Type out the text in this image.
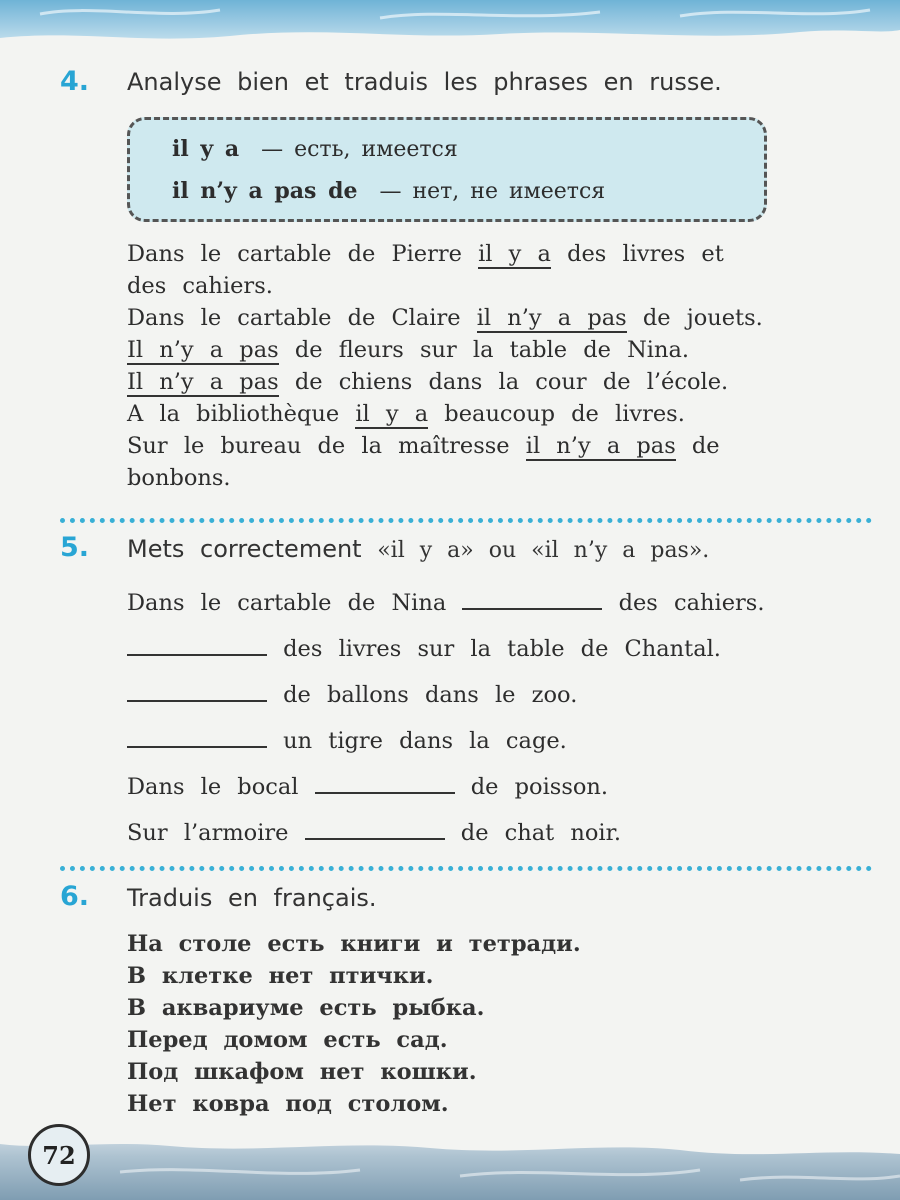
4. Analyse bien et traduis les phrases en russe.
il y a — есть, имеется
il n’y a pas de — нет, не имеется
Dans le cartable de Pierre il y a des livres et
des cahiers.
Dans le cartable de Claire il n’y a pas de jouets.
Il n’y a pas de fleurs sur la table de Nina.
Il n’y a pas de chiens dans la cour de l’école.
A la bibliothèque il y a beaucoup de livres.
Sur le bureau de la maîtresse il n’y a pas de
bonbons.
5. Mets correctement «il y a» ou «il n’y a pas».
Dans le cartable de Nina	des cahiers.
des livres sur la table de Chantal.
de ballons dans le zoo.
un tigre dans la cage.
Dans le bocal	de poisson.
Sur l’armoire	de chat noir.
6. Traduis en français.
На столе есть книги и тетради.
В клетке нет птички.
В аквариуме есть рыбка.
Перед домом есть сад.
Под шкафом нет кошки.
Нет ковра под столом.
72
